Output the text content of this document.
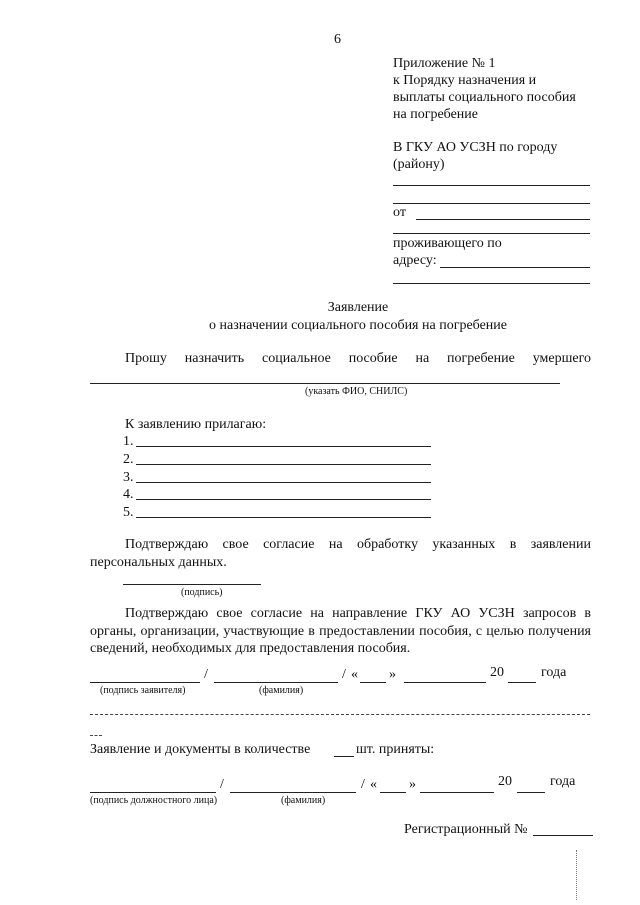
6
Приложение № 1
к Порядку назначения и
выплаты социального пособия
на погребение
В ГКУ АО УСЗН по городу
(району)
от
проживающего по
адресу:
Заявление
о назначении социального пособия на погребение
Прошу назначить социальное пособие на погребение умершего
(указать ФИО, СНИЛС)
К заявлению прилагаю:
1.
2.
3.
4.
5.
Подтверждаю свое согласие на обработку указанных в заявлении
персональных данных.
(подпись)
Подтверждаю свое согласие на направление ГКУ АО УСЗН запросов в
органы, организации, участвующие в предоставлении пособия, с целью получения
сведений, необходимых для предоставления пособия.
/	/ « »	20	года
(подпись заявителя)	(фамилия)
Заявление и документы в количестве	шт. приняты:
/	/ « »	20	года
(подпись должностного лица)	(фамилия)
Регистрационный №
